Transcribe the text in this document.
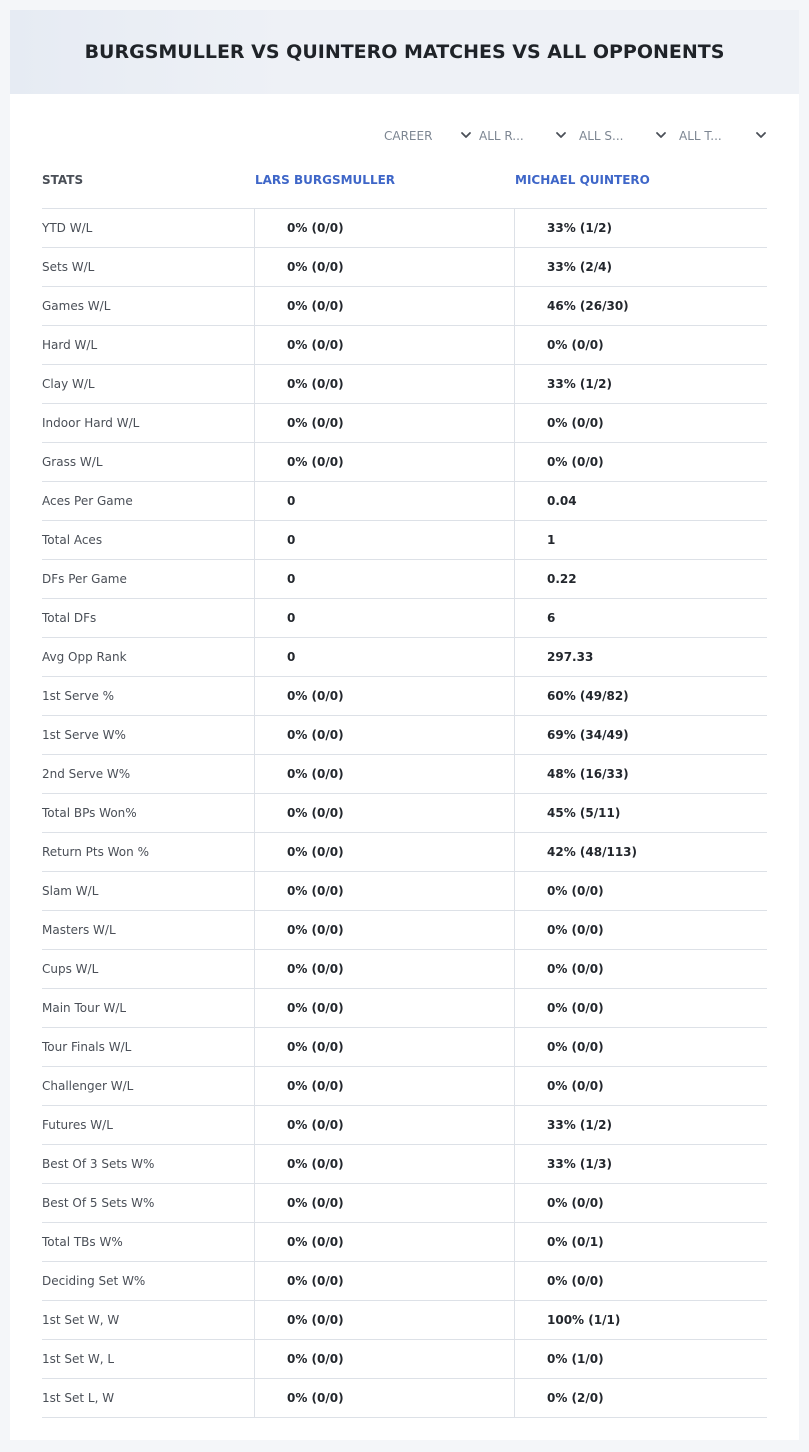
BURGSMULLER VS QUINTERO MATCHES VS ALL OPPONENTS
CAREER	ALL R...	ALL S...	ALL T...
STATS	LARS BURGSMULLER	MICHAEL QUINTERO
YTD W/L	0% (0/0)	33% (1/2)
Sets W/L	0% (0/0)	33% (2/4)
Games W/L	0% (0/0)	46% (26/30)
Hard W/L	0% (0/0)	0% (0/0)
Clay W/L	0% (0/0)	33% (1/2)
Indoor Hard W/L	0% (0/0)	0% (0/0)
Grass W/L	0% (0/0)	0% (0/0)
Aces Per Game	0	0.04
Total Aces	0	1
DFs Per Game	0	0.22
Total DFs	0	6
Avg Opp Rank	0	297.33
1st Serve %	0% (0/0)	60% (49/82)
1st Serve W%	0% (0/0)	69% (34/49)
2nd Serve W%	0% (0/0)	48% (16/33)
Total BPs Won%	0% (0/0)	45% (5/11)
Return Pts Won %	0% (0/0)	42% (48/113)
Slam W/L	0% (0/0)	0% (0/0)
Masters W/L	0% (0/0)	0% (0/0)
Cups W/L	0% (0/0)	0% (0/0)
Main Tour W/L	0% (0/0)	0% (0/0)
Tour Finals W/L	0% (0/0)	0% (0/0)
Challenger W/L	0% (0/0)	0% (0/0)
Futures W/L	0% (0/0)	33% (1/2)
Best Of 3 Sets W%	0% (0/0)	33% (1/3)
Best Of 5 Sets W%	0% (0/0)	0% (0/0)
Total TBs W%	0% (0/0)	0% (0/1)
Deciding Set W%	0% (0/0)	0% (0/0)
1st Set W, W	0% (0/0)	100% (1/1)
1st Set W, L	0% (0/0)	0% (1/0)
1st Set L, W	0% (0/0)	0% (2/0)
